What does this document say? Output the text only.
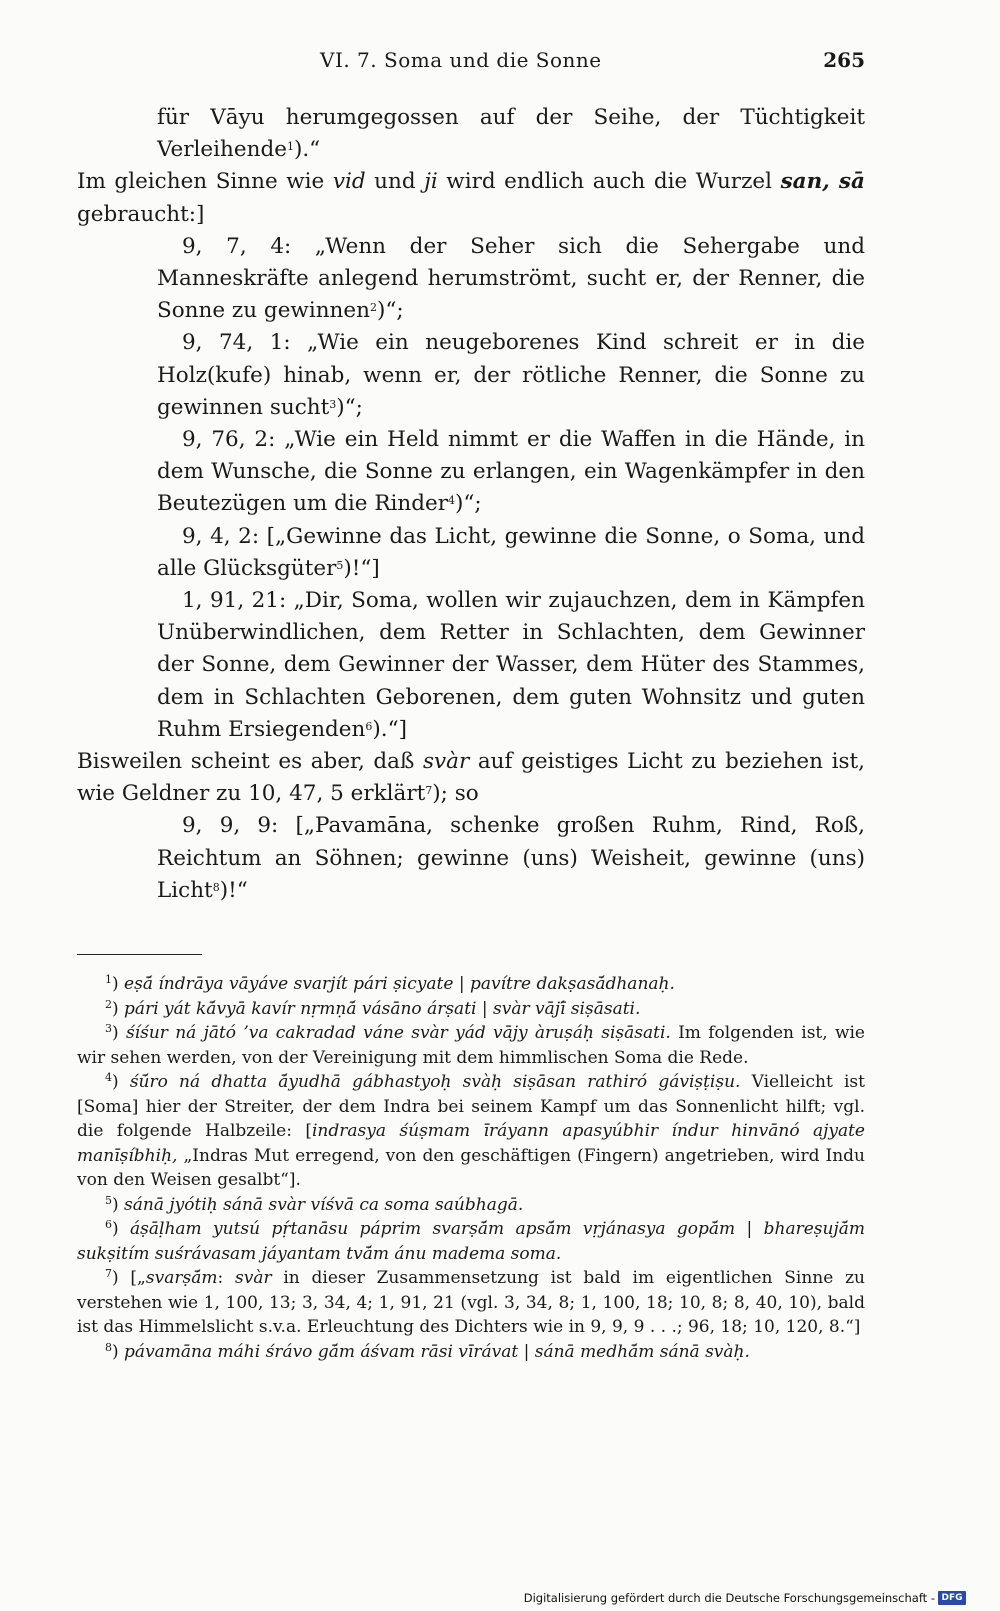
VI. 7. Soma und die Sonne	265

für Vāyu herumgegossen auf der Seihe, der Tüchtigkeit Verleihende$^1$).“

Im gleichen Sinne wie vid und ji wird endlich auch die Wurzel san, sā gebraucht:]

9, 7, 4: „Wenn der Seher sich die Sehergabe und Manneskräfte anlegend herumströmt, sucht er, der Renner, die Sonne zu gewinnen$^2$)“;

9, 74, 1: „Wie ein neugeborenes Kind schreit er in die Holz(kufe) hinab, wenn er, der rötliche Renner, die Sonne zu gewinnen sucht$^3$)“;

9, 76, 2: „Wie ein Held nimmt er die Waffen in die Hände, in dem Wunsche, die Sonne zu erlangen, ein Wagenkämpfer in den Beutezügen um die Rinder$^4$)“;

9, 4, 2: [„Gewinne das Licht, gewinne die Sonne, o Soma, und alle Glücksgüter$^5$)!“]

1, 91, 21: „Dir, Soma, wollen wir zujauchzen, dem in Kämpfen Unüberwindlichen, dem Retter in Schlachten, dem Gewinner der Sonne, dem Gewinner der Wasser, dem Hüter des Stammes, dem in Schlachten Geborenen, dem guten Wohnsitz und guten Ruhm Ersiegenden$^6$).“]

Bisweilen scheint es aber, daß svàr auf geistiges Licht zu beziehen ist, wie Geldner zu 10, 47, 5 erklärt$^7$); so

9, 9, 9: [„Pavamāna, schenke großen Ruhm, Rind, Roß, Reichtum an Söhnen; gewinne (uns) Weisheit, gewinne (uns) Licht$^8$)!“

$^1$) eṣā́ índrāya vāyáve svarjít pári ṣicyate | pavítre dakṣasā́dhanaḥ.

$^2$) pári yát kā́vyā kavír nṛmṇā́ vásāno árṣati | svàr vājī́ siṣāsati.

$^3$) śíśur ná jātó ’va cakradad váne svàr yád vājy àruṣáḥ siṣāsati. Im folgenden ist, wie wir sehen werden, von der Vereinigung mit dem himmlischen Soma die Rede.

$^4$) śū́ro ná dhatta ā́yudhā gábhastyoḥ svàḥ siṣāsan rathiró gáviṣṭiṣu. Vielleicht ist [Soma] hier der Streiter, der dem Indra bei seinem Kampf um das Sonnenlicht hilft; vgl. die folgende Halbzeile: [indrasya śúṣmam īráyann apasyúbhir índur hinvānó ajyate manīṣíbhiḥ, „Indras Mut erregend, von den geschäftigen (Fingern) angetrieben, wird Indu von den Weisen gesalbt“].

$^5$) sánā jyótiḥ sánā svàr víśvā ca soma saúbhagā.

$^6$) áṣāḷham yutsú pṛ́tanāsu páprim svarṣā́m apsā́m vṛjánasya gopā́m | bhareṣujā́m sukṣitím suśrávasam jáyantam tvā́m ánu madema soma.

$^7$) [„svarṣā́m: svàr in dieser Zusammensetzung ist bald im eigentlichen Sinne zu verstehen wie 1, 100, 13; 3, 34, 4; 1, 91, 21 (vgl. 3, 34, 8; 1, 100, 18; 10, 8; 8, 40, 10), bald ist das Himmelslicht s.v.a. Erleuchtung des Dichters wie in 9, 9, 9 . . .; 96, 18; 10, 120, 8.“]

$^8$) pávamāna máhi śrávo gā́m áśvam rāsi vīrávat | sánā medhā́m sánā svàḥ.

Digitalisierung gefördert durch die Deutsche Forschungsgemeinschaft - DFG
